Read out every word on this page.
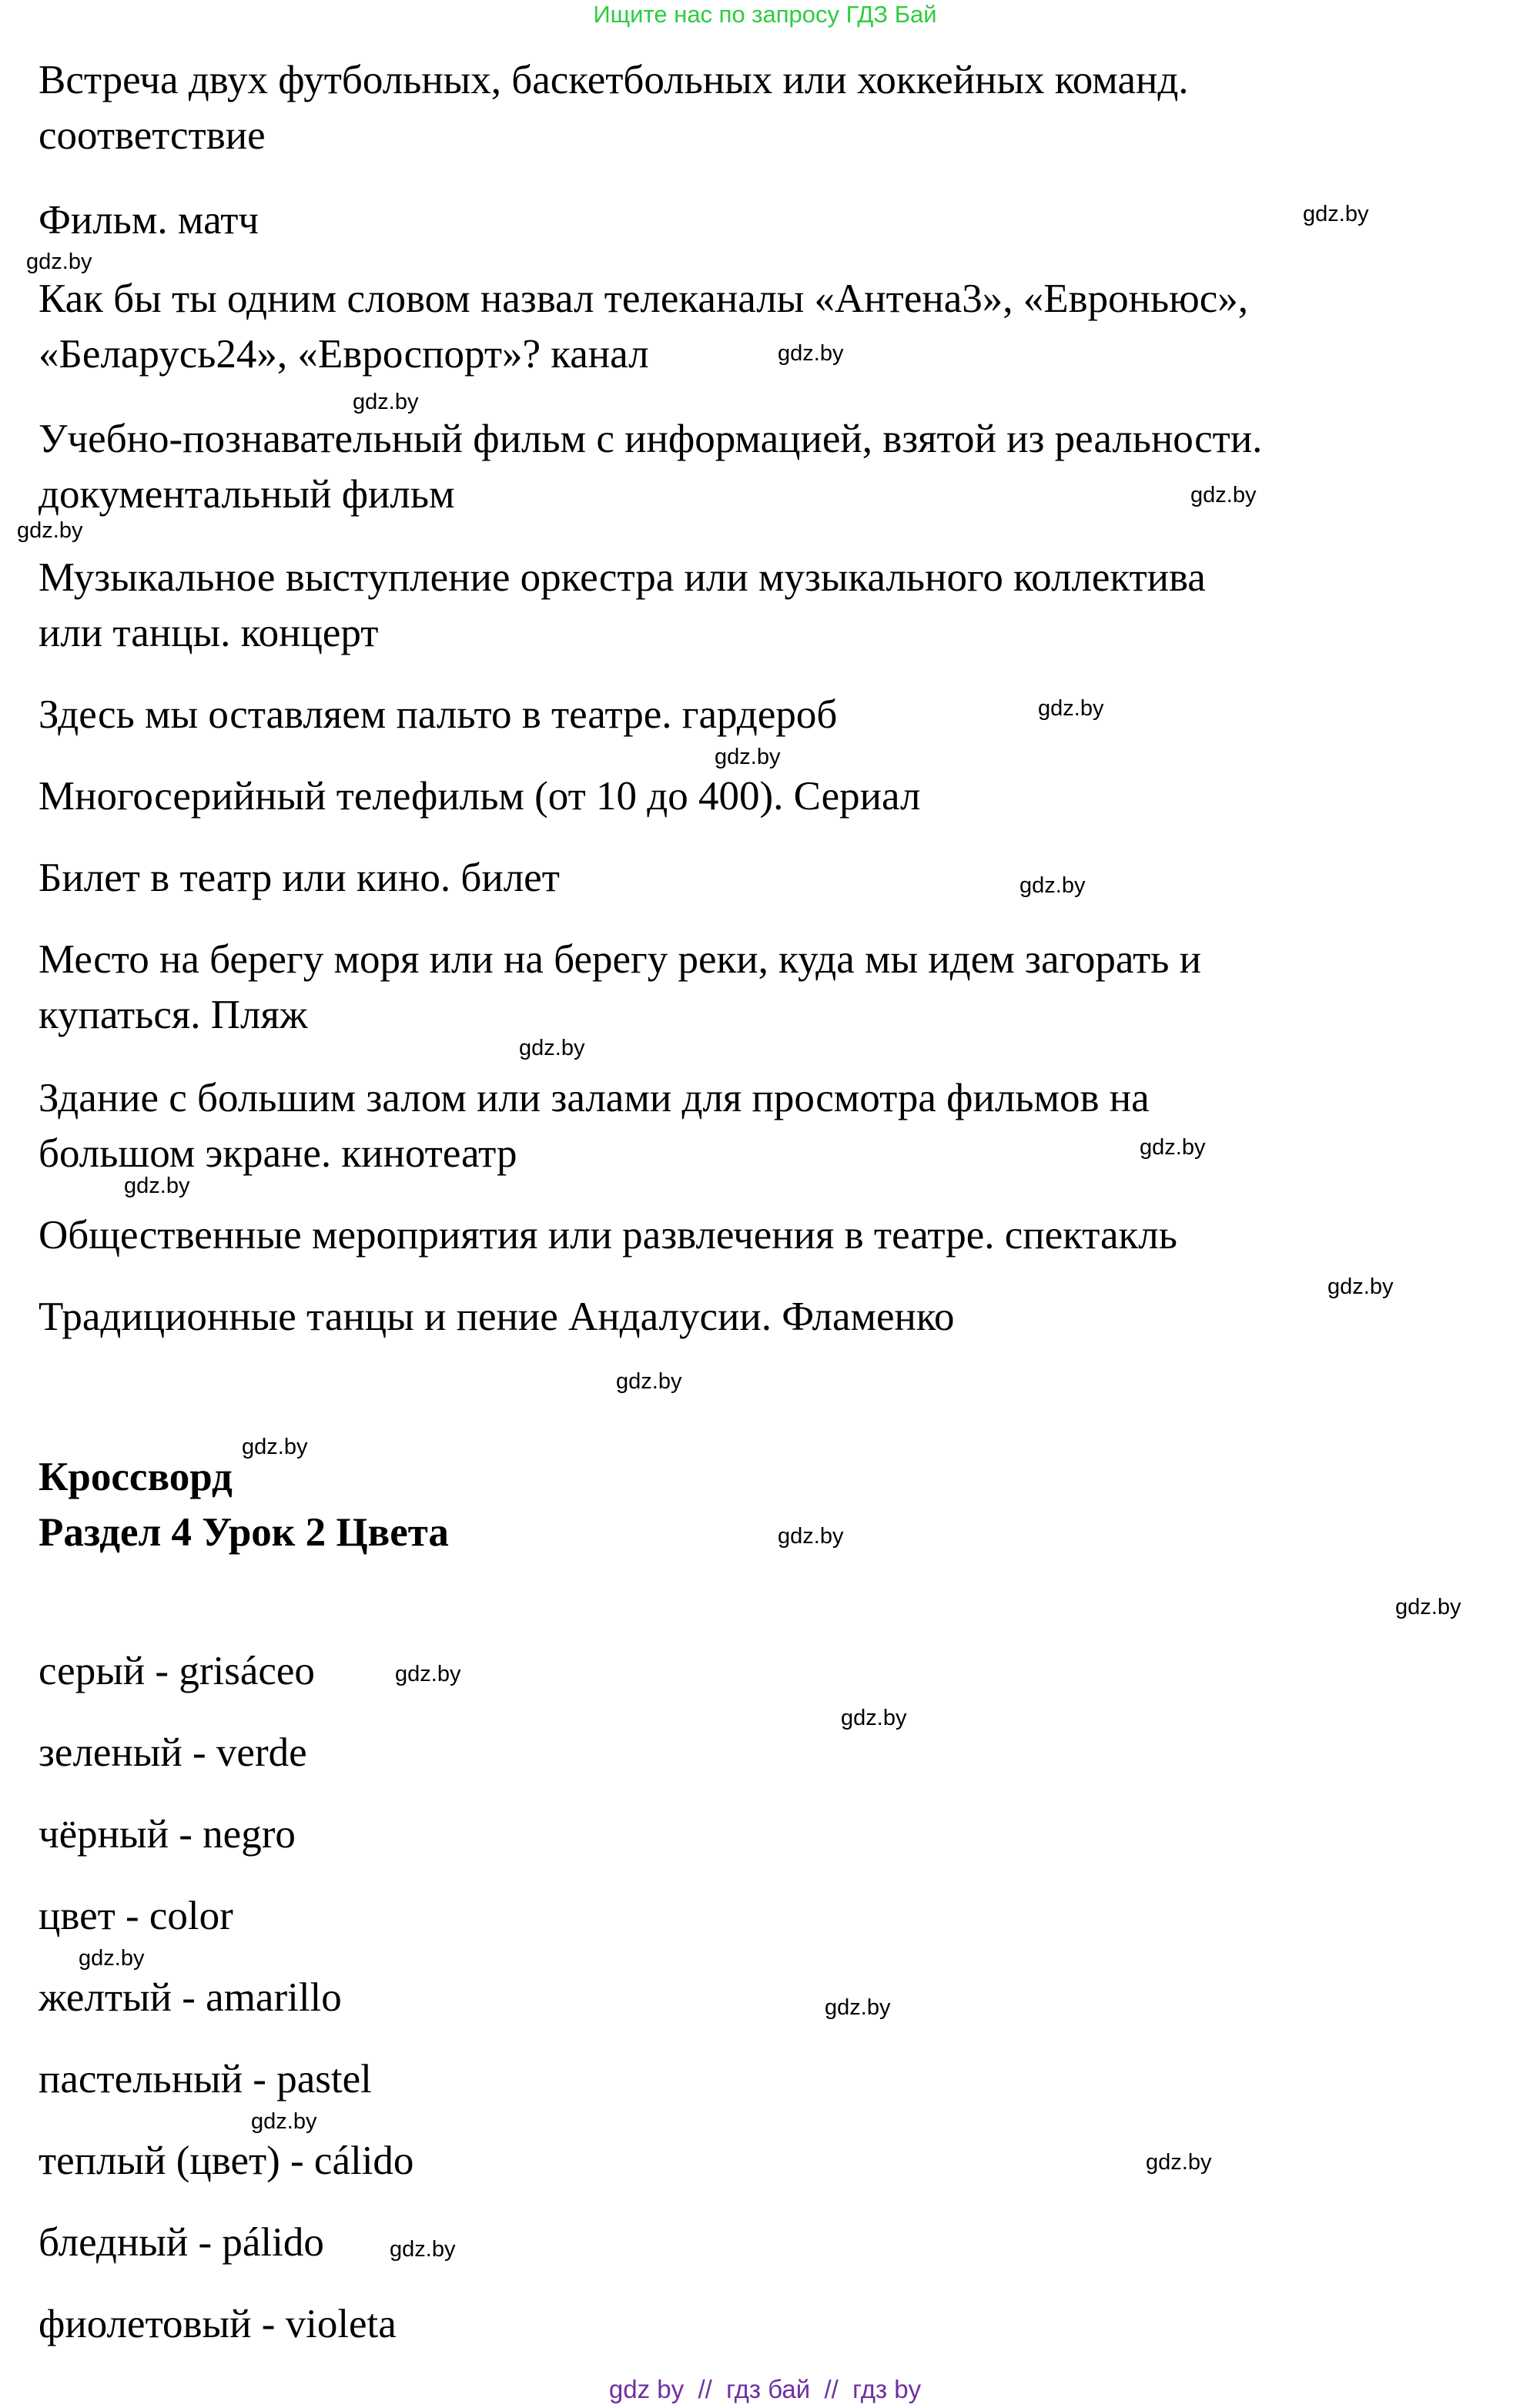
Ищите нас по запросу ГДЗ Бай
Встреча двух футбольных, баскетбольных или хоккейных команд.
соответствие
Фильм. матч
Как бы ты одним словом назвал телеканалы «Антена3», «Евроньюс»,
«Беларусь24», «Евроспорт»? канал
Учебно-познавательный фильм с информацией, взятой из реальности.
документальный фильм
Музыкальное выступление оркестра или музыкального коллектива
или танцы. концерт
Здесь мы оставляем пальто в театре. гардероб
Многосерийный телефильм (от 10 до 400). Сериал
Билет в театр или кино. билет
Место на берегу моря или на берегу реки, куда мы идем загорать и
купаться. Пляж
Здание с большим залом или залами для просмотра фильмов на
большом экране. кинотеатр
Общественные мероприятия или развлечения в театре. спектакль
Традиционные танцы и пение Андалусии. Фламенко
Кроссворд
Раздел 4 Урок 2 Цвета
серый - grisáceo
зеленый - verde
чёрный - negro
цвет - color
желтый - amarillo
пастельный - pastel
теплый (цвет) - cálido
бледный - pálido
фиолетовый - violeta
gdz.by
gdz.by
gdz.by
gdz.by
gdz.by
gdz.by
gdz.by
gdz.by
gdz.by
gdz.by
gdz.by
gdz.by
gdz.by
gdz.by
gdz.by
gdz.by
gdz.by
gdz.by
gdz.by
gdz.by
gdz.by
gdz.by
gdz.by
gdz.by
gdz by  //  гдз бай  //  гдз by
